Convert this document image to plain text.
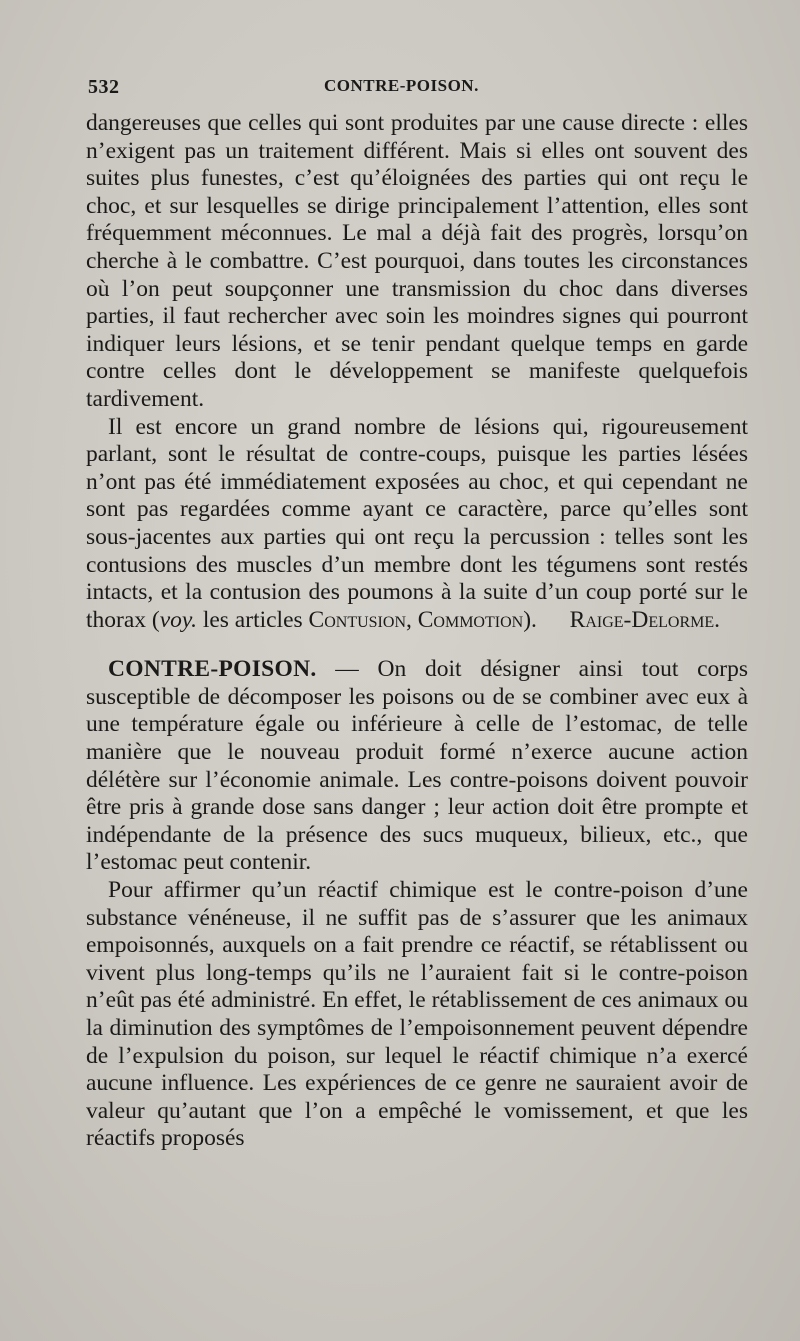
532	CONTRE-POISON.

dangereuses que celles qui sont produites par une cause directe : elles n’exigent pas un traitement différent. Mais si elles ont souvent des suites plus funestes, c’est qu’éloignées des parties qui ont reçu le choc, et sur lesquelles se dirige principalement l’attention, elles sont fréquemment méconnues. Le mal a déjà fait des progrès, lorsqu’on cherche à le combattre. C’est pourquoi, dans toutes les circonstances où l’on peut soupçonner une transmission du choc dans diverses parties, il faut rechercher avec soin les moindres signes qui pourront indiquer leurs lésions, et se tenir pendant quelque temps en garde contre celles dont le développement se manifeste quelquefois tardivement.

Il est encore un grand nombre de lésions qui, rigoureusement parlant, sont le résultat de contre-coups, puisque les parties lésées n’ont pas été immédiatement exposées au choc, et qui cependant ne sont pas regardées comme ayant ce caractère, parce qu’elles sont sous-jacentes aux parties qui ont reçu la percussion : telles sont les contusions des muscles d’un membre dont les tégumens sont restés intacts, et la contusion des poumons à la suite d’un coup porté sur le thorax (voy. les articles Contusion, Commotion).	Raige-Delorme.

CONTRE-POISON. — On doit désigner ainsi tout corps susceptible de décomposer les poisons ou de se combiner avec eux à une température égale ou inférieure à celle de l’estomac, de telle manière que le nouveau produit formé n’exerce aucune action délétère sur l’économie animale. Les contre-poisons doivent pouvoir être pris à grande dose sans danger ; leur action doit être prompte et indépendante de la présence des sucs muqueux, bilieux, etc., que l’estomac peut contenir.

Pour affirmer qu’un réactif chimique est le contre-poison d’une substance vénéneuse, il ne suffit pas de s’assurer que les animaux empoisonnés, auxquels on a fait prendre ce réactif, se rétablissent ou vivent plus long-temps qu’ils ne l’auraient fait si le contre-poison n’eût pas été administré. En effet, le rétablissement de ces animaux ou la diminution des symptômes de l’empoisonnement peuvent dépendre de l’expulsion du poison, sur lequel le réactif chimique n’a exercé aucune influence. Les expériences de ce genre ne sauraient avoir de valeur qu’autant que l’on a empêché le vomissement, et que les réactifs proposés
